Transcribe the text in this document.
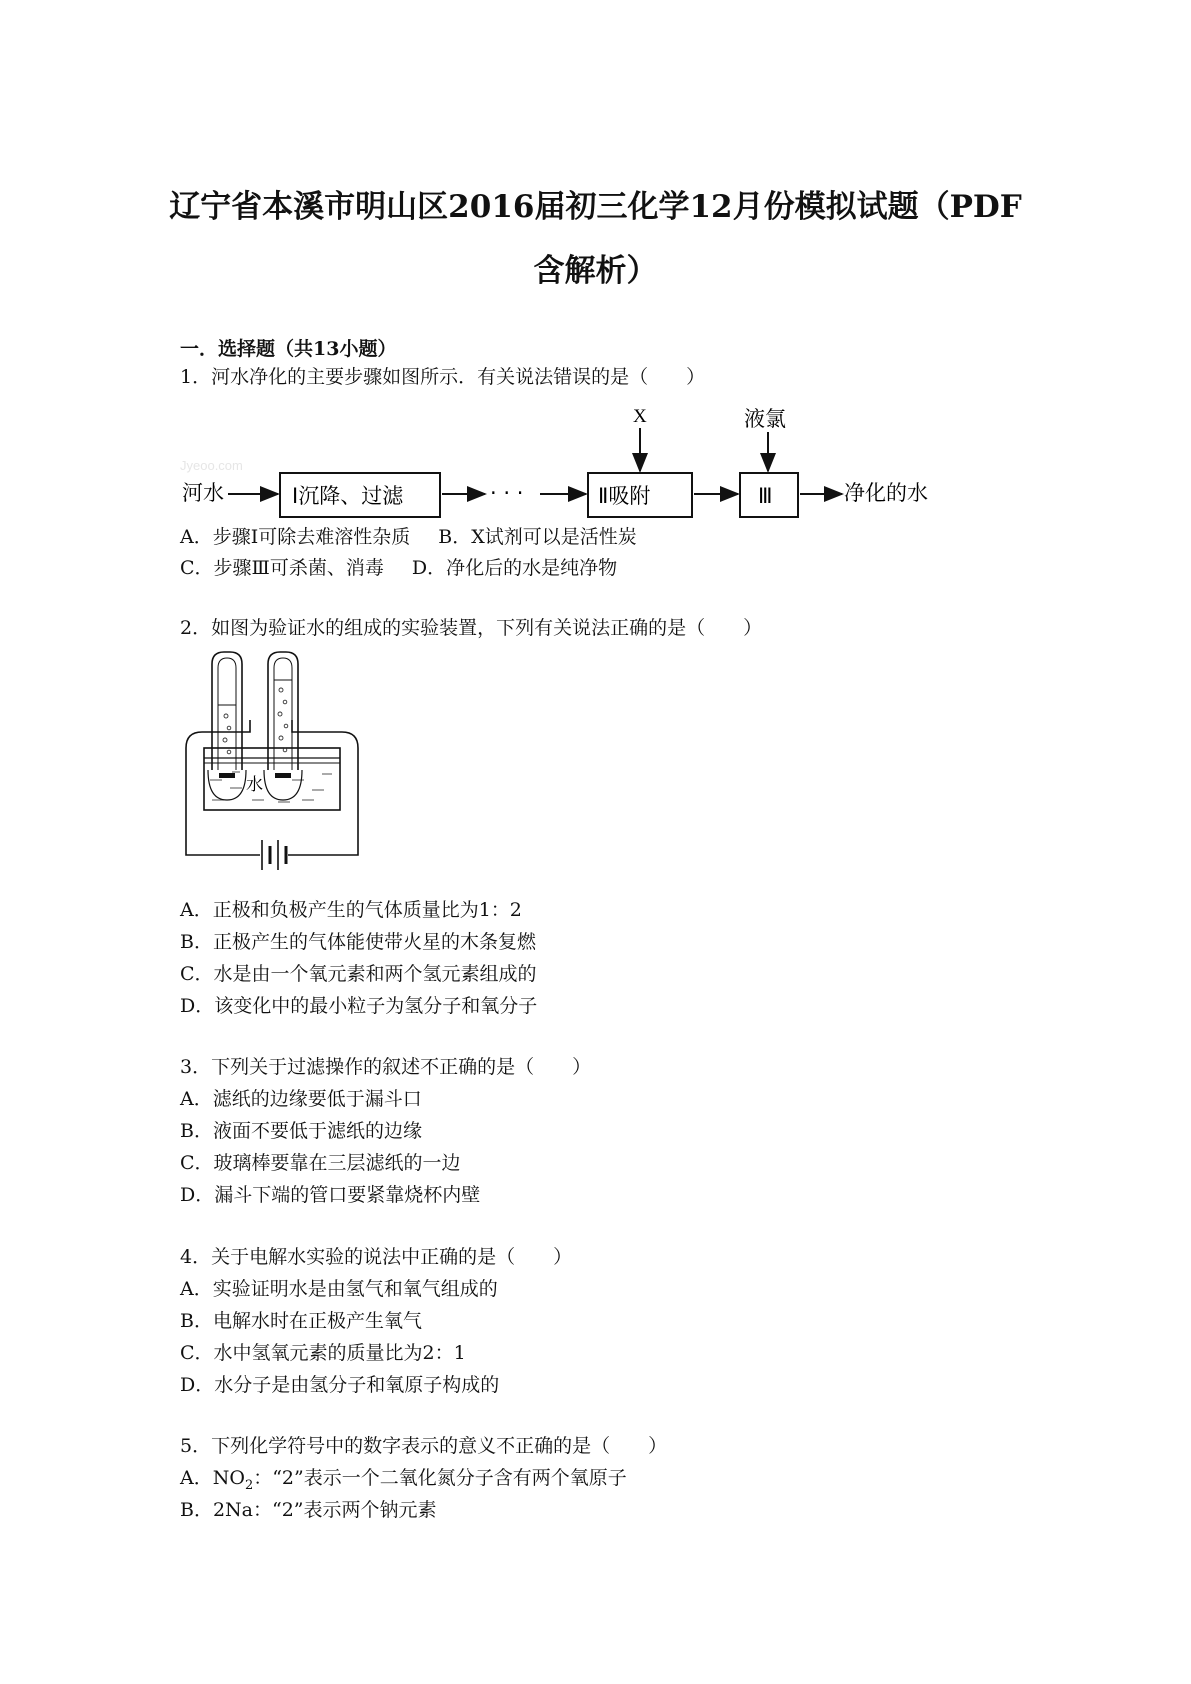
辽宁省本溪市明山区2016届初三化学12月份模拟试题（PDF
含解析）

一．选择题（共13小题）

1．河水净化的主要步骤如图所示．有关说法错误的是（　　）

Jyeoo.com
河水	Ⅰ沉降、过滤	· · ·	Ⅱ吸附
X
Ⅲ
液氯
净化的水

A．步骤Ⅰ可除去难溶性杂质 B．X试剂可以是活性炭

C．步骤Ⅲ可杀菌、消毒 D．净化后的水是纯净物

2．如图为验证水的组成的实验装置，下列有关说法正确的是（　　）

水

A．正极和负极产生的气体质量比为1：2

B．正极产生的气体能使带火星的木条复燃

C．水是由一个氧元素和两个氢元素组成的

D．该变化中的最小粒子为氢分子和氧分子

3．下列关于过滤操作的叙述不正确的是（　　）

A．滤纸的边缘要低于漏斗口

B．液面不要低于滤纸的边缘

C．玻璃棒要靠在三层滤纸的一边

D．漏斗下端的管口要紧靠烧杯内壁

4．关于电解水实验的说法中正确的是（　　）

A．实验证明水是由氢气和氧气组成的

B．电解水时在正极产生氧气

C．水中氢氧元素的质量比为2：1

D．水分子是由氢分子和氧原子构成的

5．下列化学符号中的数字表示的意义不正确的是（　　）

A．$NO_2$：“2”表示一个二氧化氮分子含有两个氧原子

B．2Na：“2”表示两个钠元素
